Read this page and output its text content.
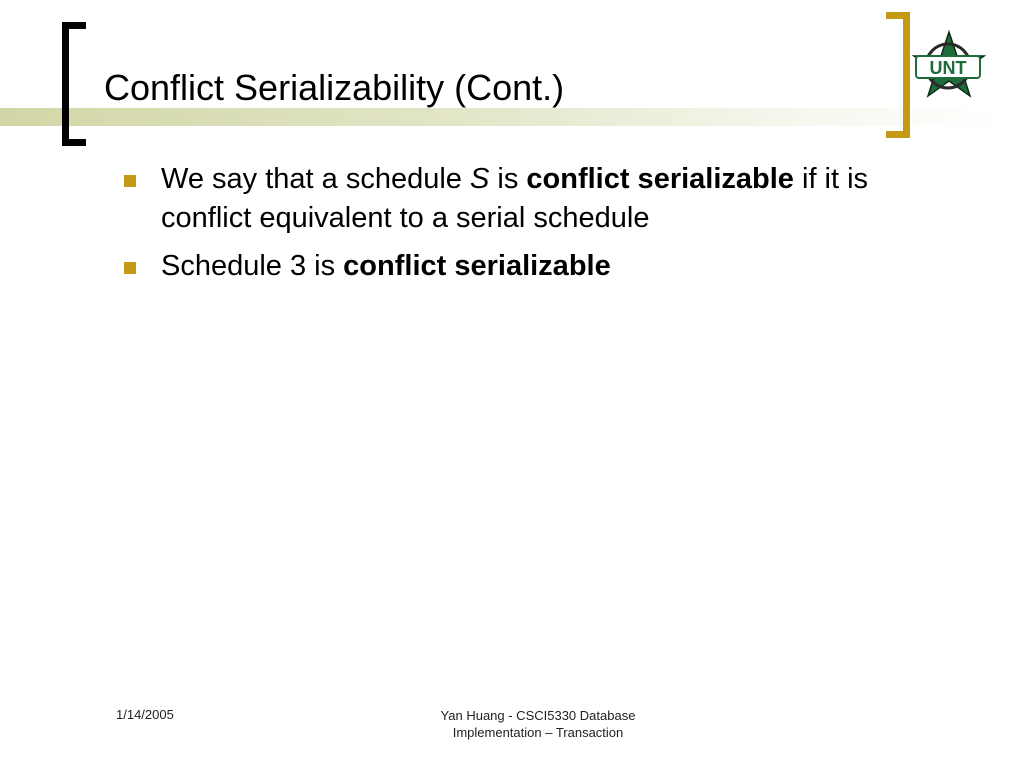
Conflict Serializability (Cont.)	UNT
We say that a schedule S is conflict serializable if it is conflict equivalent to a serial schedule
Schedule 3 is conflict serializable
1/14/2005	Yan Huang - CSCI5330 Database
Implementation – Transaction
